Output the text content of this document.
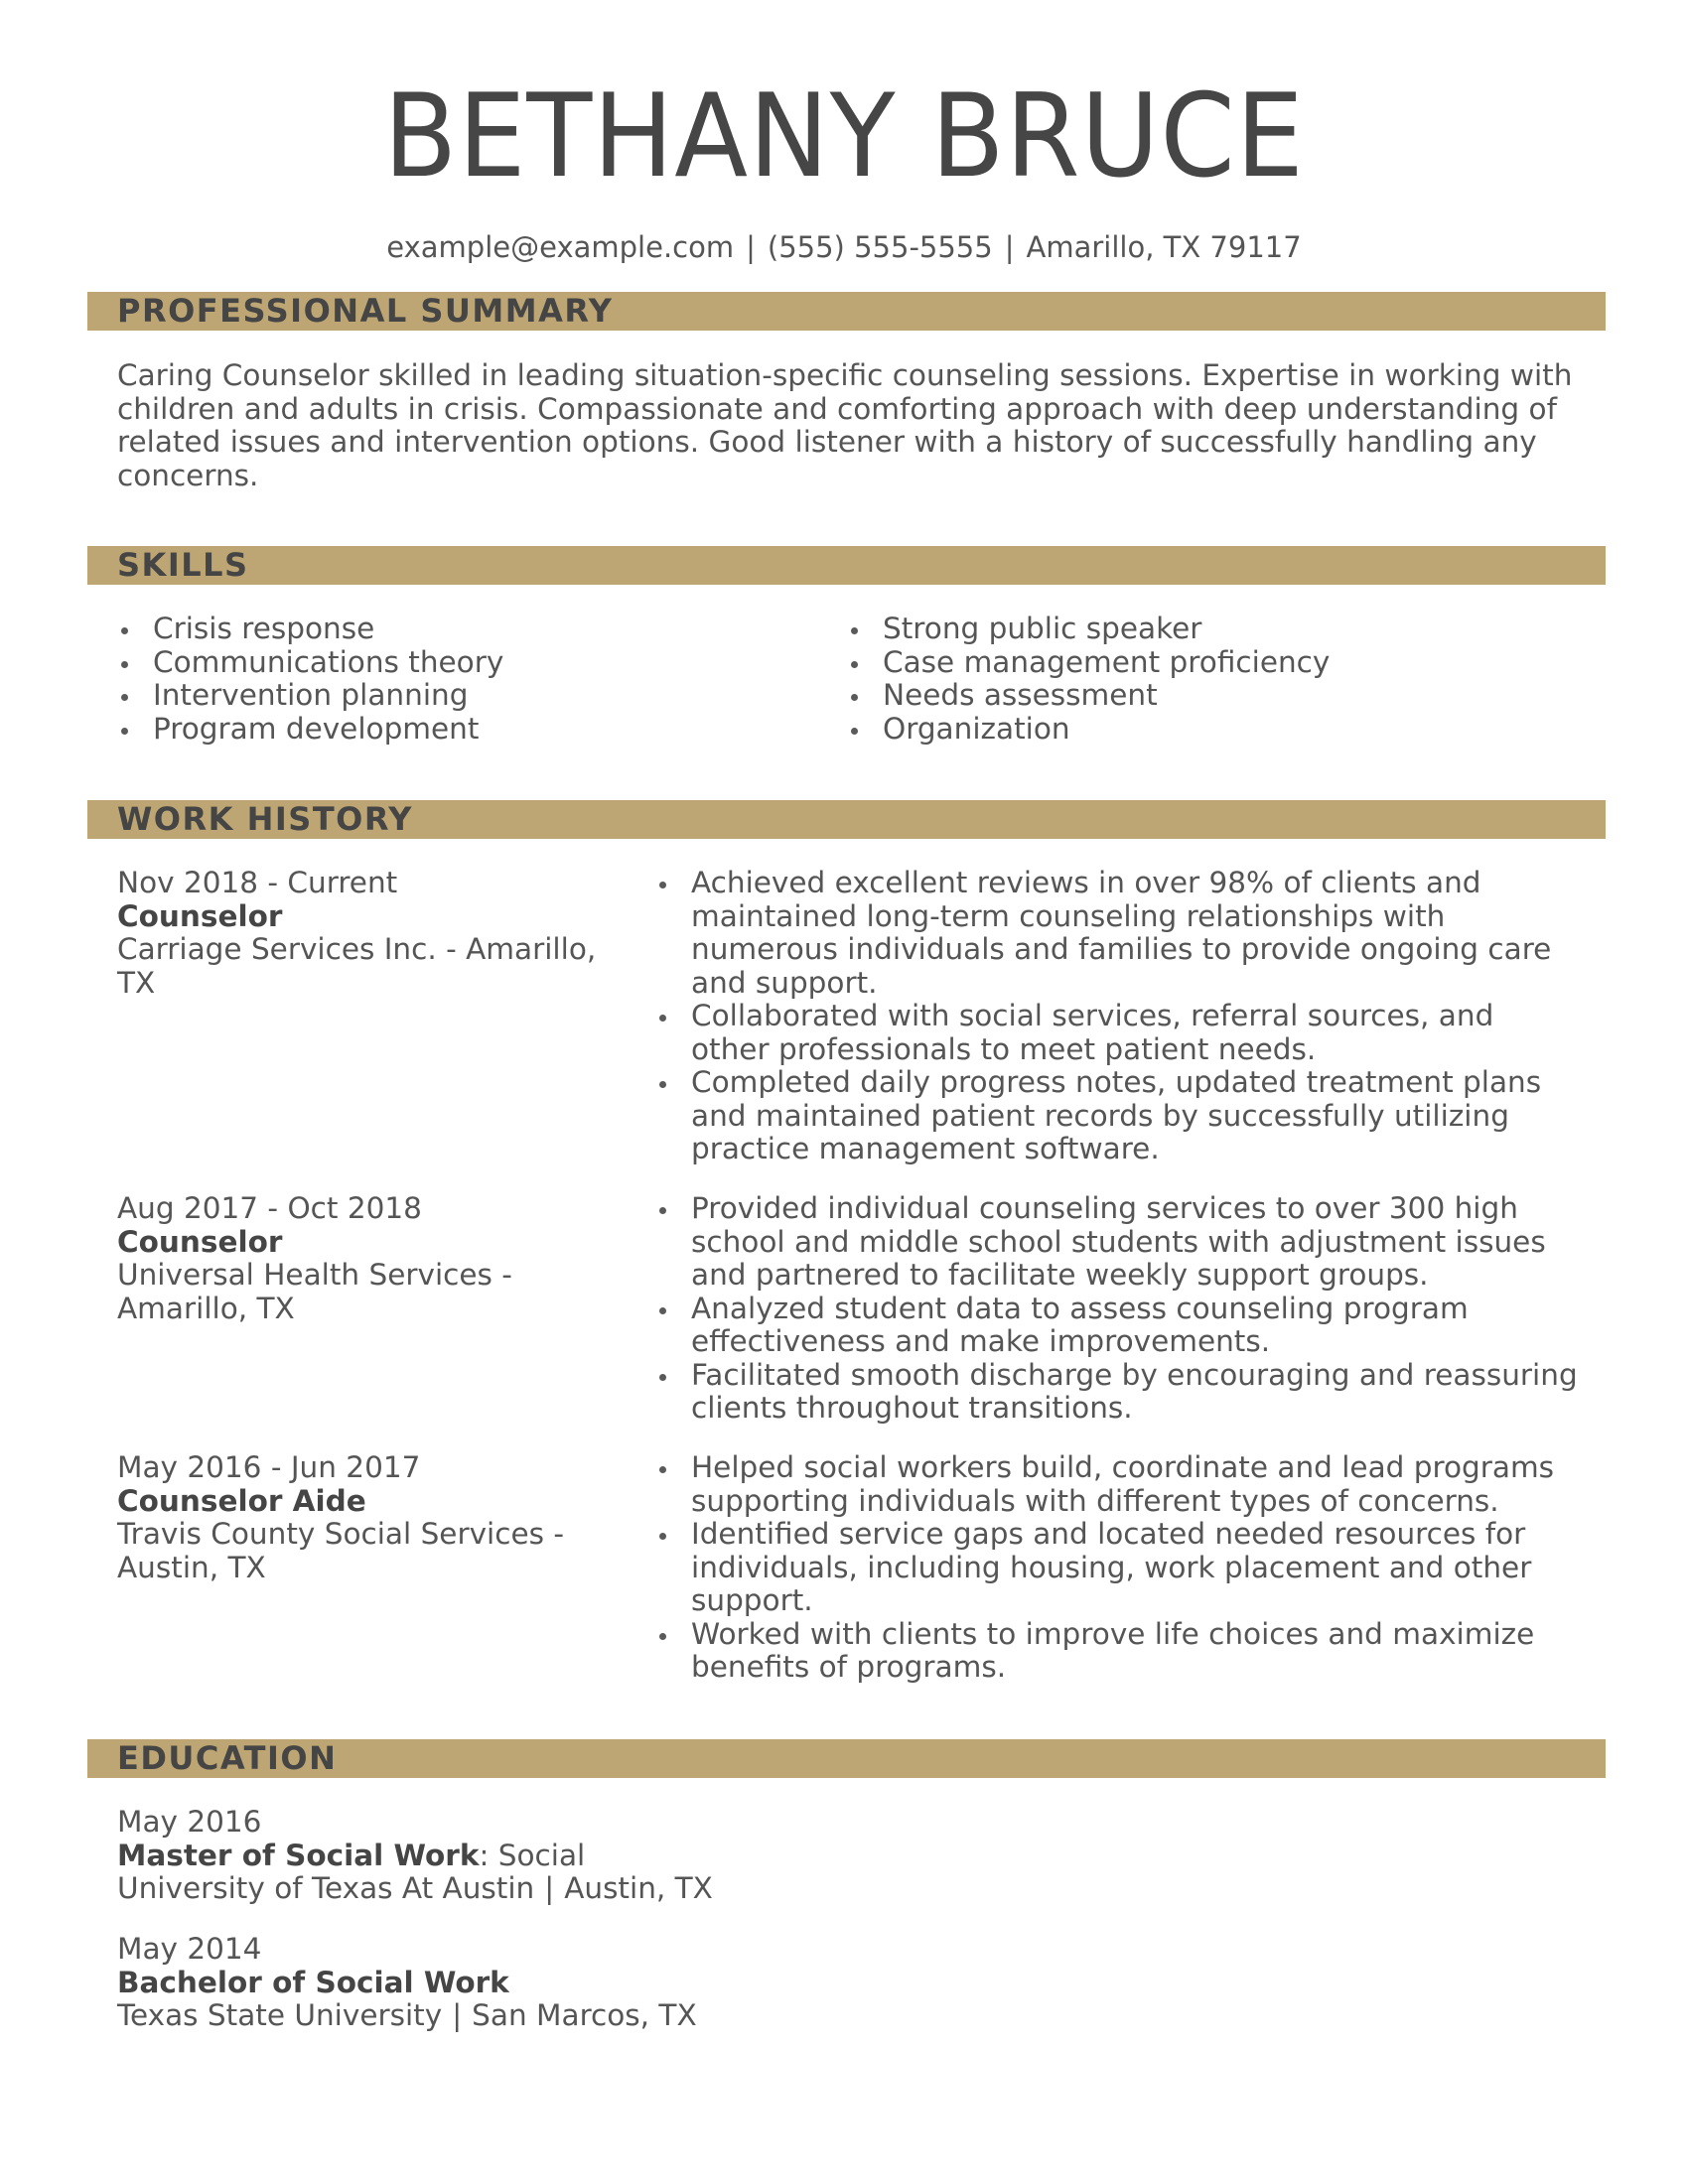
BETHANY BRUCE
example@example.com | (555) 555-5555 | Amarillo, TX 79117
PROFESSIONAL SUMMARY
Caring Counselor skilled in leading situation-specific counseling sessions. Expertise in working with children and adults in crisis. Compassionate and comforting approach with deep understanding of related issues and intervention options. Good listener with a history of successfully handling any concerns.
SKILLS
Crisis response
Communications theory
Intervention planning
Program development
Strong public speaker
Case management proficiency
Needs assessment
Organization
WORK HISTORY
Nov 2018 - Current
Counselor
Carriage Services Inc. - Amarillo, TX
Achieved excellent reviews in over 98% of clients and maintained long-term counseling relationships with numerous individuals and families to provide ongoing care and support.
Collaborated with social services, referral sources, and other professionals to meet patient needs.
Completed daily progress notes, updated treatment plans and maintained patient records by successfully utilizing practice management software.
Aug 2017 - Oct 2018
Counselor
Universal Health Services - Amarillo, TX
Provided individual counseling services to over 300 high school and middle school students with adjustment issues and partnered to facilitate weekly support groups.
Analyzed student data to assess counseling program effectiveness and make improvements.
Facilitated smooth discharge by encouraging and reassuring clients throughout transitions.
May 2016 - Jun 2017
Counselor Aide
Travis County Social Services - Austin, TX
Helped social workers build, coordinate and lead programs supporting individuals with different types of concerns.
Identified service gaps and located needed resources for individuals, including housing, work placement and other support.
Worked with clients to improve life choices and maximize benefits of programs.
EDUCATION
May 2016
Master of Social Work: Social
University of Texas At Austin | Austin, TX
May 2014
Bachelor of Social Work
Texas State University | San Marcos, TX
